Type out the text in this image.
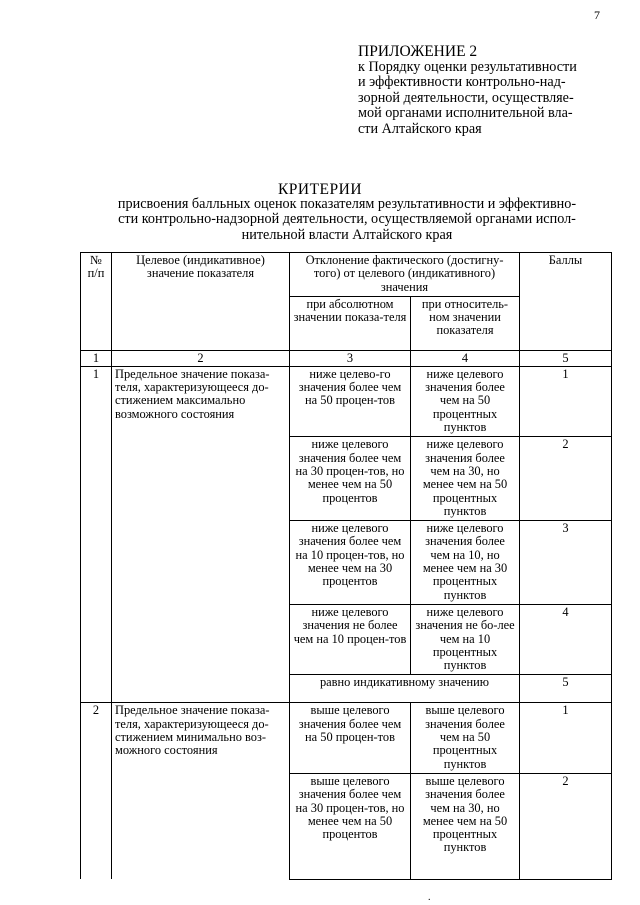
7
ПРИЛОЖЕНИЕ 2
к Порядку оценки результативности
и эффективности контрольно-над-
зорной деятельности, осуществляе-
мой органами исполнительной вла-
сти Алтайского края
КРИТЕРИИ
присвоения балльных оценок показателям результативности и эффективно-
сти контрольно-надзорной деятельности, осуществляемой органами испол-
нительной власти Алтайского края
№ п/п	Целевое (индикативное) значение показателя	Отклонение фактического (достигну-того) от целевого (индикативного) значения		Баллы
		при абсолютном значении показа-теля	при относитель-ном значении показателя	
1	2	3	4	5
1	Предельное значение показа-теля, характеризующееся до-стижением максимально возможного состояния	ниже целево-го значения более чем на 50 процен-тов	ниже целевого значения более чем на 50 процентных пунктов	1
		ниже целевого значения более чем на 30 процен-тов, но менее чем на 50 процентов	ниже целевого значения более чем на 30, но менее чем на 50 процентных пунктов	2
		ниже целевого значения более чем на 10 процен-тов, но менее чем на 30 процентов	ниже целевого значения более чем на 10, но менее чем на 30 процентных пунктов	3
		ниже целевого значения не более чем на 10 процен-тов	ниже целевого значения не бо-лее чем на 10 процентных пунктов	4
		равно индикативному значению		5
2	Предельное значение показа-теля, характеризующееся до-стижением минимально воз-можного состояния	выше целевого значения более чем на 50 процен-тов	выше целевого значения более чем на 50 процентных пунктов	1
		выше целевого значения более чем на 30 процен-тов, но менее чем на 50 процентов	выше целевого значения более чем на 30, но менее чем на 50 процентных пунктов	2
.
